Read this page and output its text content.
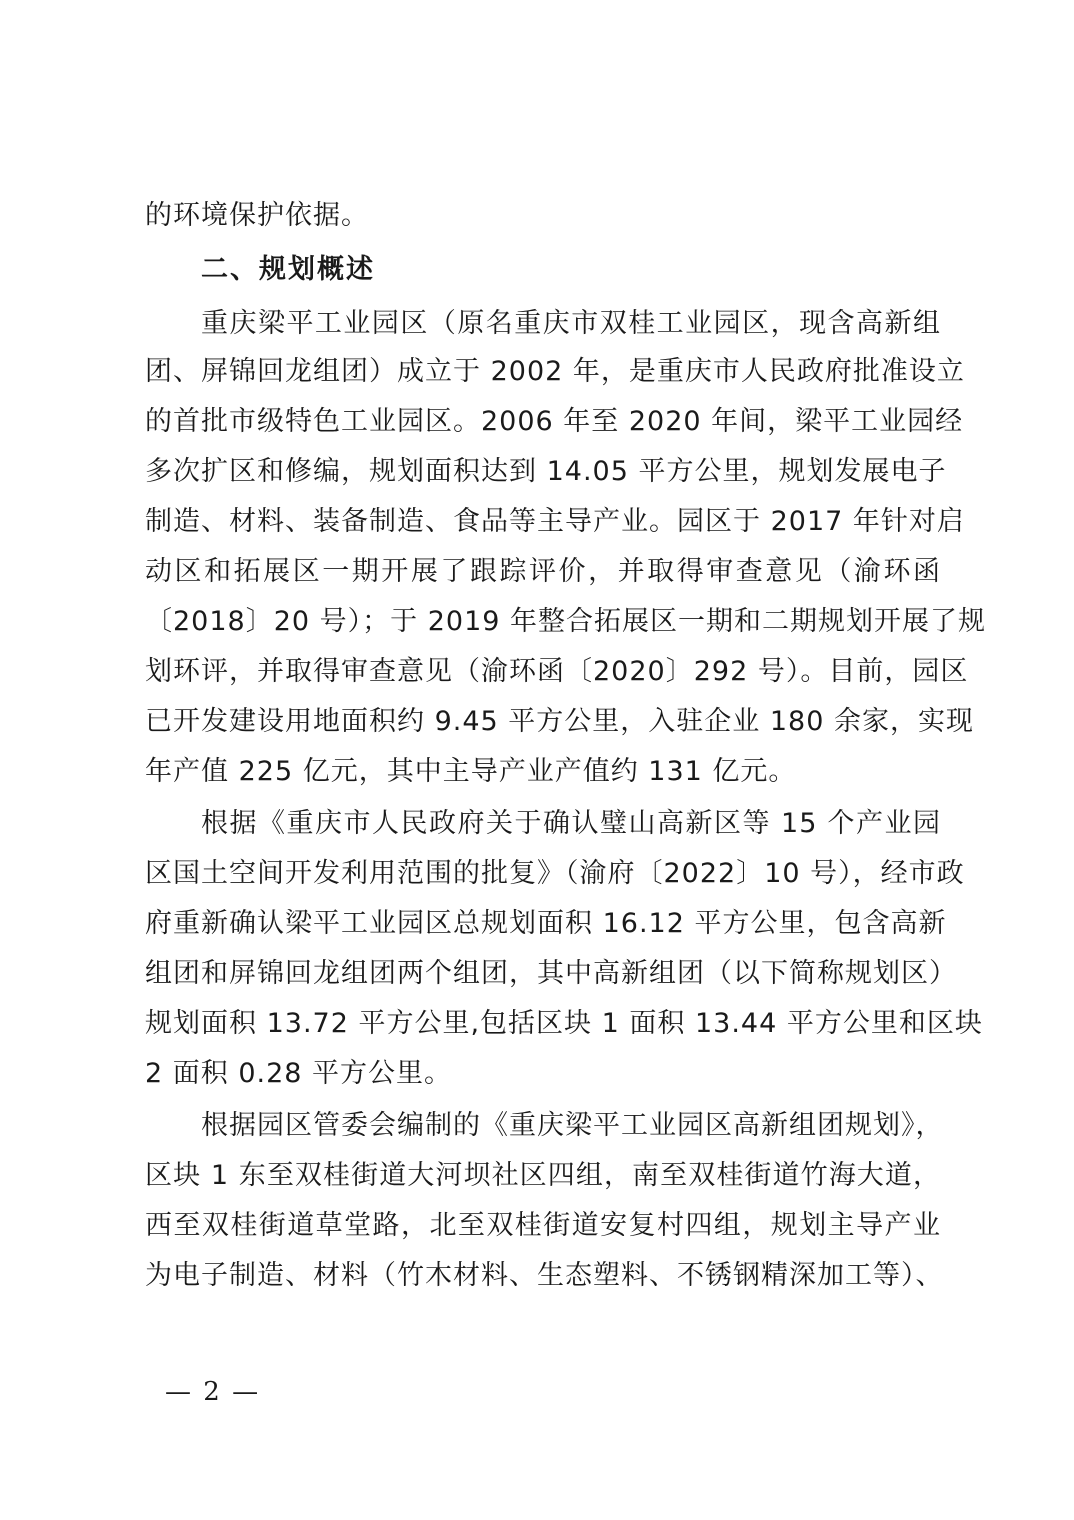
的环境保护依据。
二、规划概述
重庆梁平工业园区（原名重庆市双桂工业园区，现含高新组
团、屏锦回龙组团）成立于 2002 年，是重庆市人民政府批准设立
的首批市级特色工业园区。2006 年至 2020 年间，梁平工业园经
多次扩区和修编，规划面积达到 14.05 平方公里，规划发展电子
制造、材料、装备制造、食品等主导产业。园区于 2017 年针对启
动区和拓展区一期开展了跟踪评价，并取得审查意见（渝环函
〔2018〕20 号）；于 2019 年整合拓展区一期和二期规划开展了规
划环评，并取得审查意见（渝环函〔2020〕292 号）。目前，园区
已开发建设用地面积约 9.45 平方公里，入驻企业 180 余家，实现
年产值 225 亿元，其中主导产业产值约 131 亿元。
根据《重庆市人民政府关于确认璧山高新区等 15 个产业园
区国土空间开发利用范围的批复》（渝府〔2022〕10 号），经市政
府重新确认梁平工业园区总规划面积 16.12 平方公里，包含高新
组团和屏锦回龙组团两个组团，其中高新组团（以下简称规划区）
规划面积 13.72 平方公里,包括区块 1 面积 13.44 平方公里和区块
2 面积 0.28 平方公里。
根据园区管委会编制的《重庆梁平工业园区高新组团规划》，
区块 1 东至双桂街道大河坝社区四组，南至双桂街道竹海大道，
西至双桂街道草堂路，北至双桂街道安复村四组，规划主导产业
为电子制造、材料（竹木材料、生态塑料、不锈钢精深加工等）、
— 2 —
